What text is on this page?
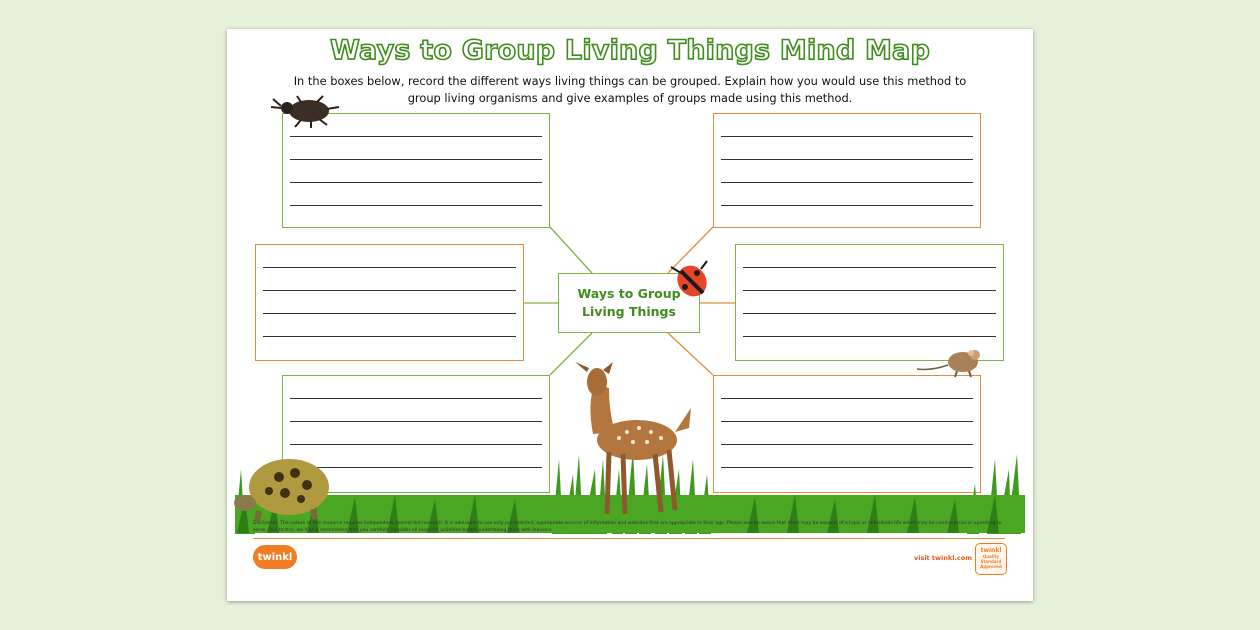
Ways to Group Living Things Mind Map

In the boxes below, record the different ways living things can be grouped. Explain how you would use this method to group living organisms and give examples of groups made using this method.

Ways to Group
Living Things

Disclaimer: The nature of this resource requires independent, learner-led research. It is advisable to use only pre-selected, appropriate sources of information and websites that are appropriate to their age. Please also be aware that there may be aspects of a topic or individuals life which may be controversial or upsetting to some. Due to this, we highly recommend that you carefully consider all research activities before undertaking them with learners.

twinkl	visit twinkl.com
twinkl
Quality Standard
Approved
